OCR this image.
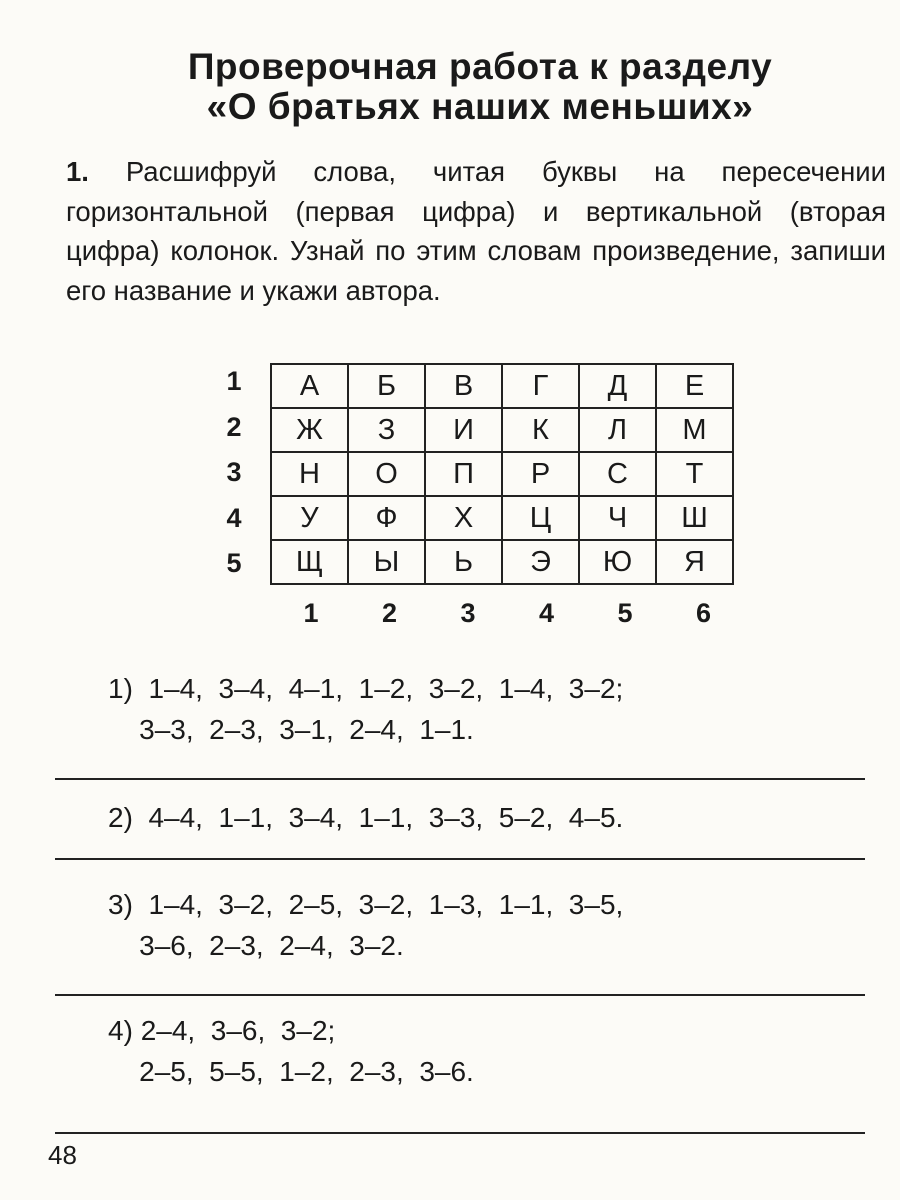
Проверочная работа к разделу
«О братьях наших меньших»
1. Расшифруй слова, читая буквы на пересечении горизонтальной (первая цифра) и вертикальной (вторая цифра) колонок. Узнай по этим словам произведение, запиши его название и укажи автора.
1
2
3
4
5
А	Б	В	Г	Д	Е
Ж	З	И	К	Л	М
Н	О	П	Р	С	Т
У	Ф	Х	Ц	Ч	Ш
Щ	Ы	Ь	Э	Ю	Я
1 2 3 4 5 6
1) 1–4,  3–4,  4–1,  1–2,  3–2,  1–4,  3–2;
3–3,  2–3,  3–1,  2–4,  1–1.
2) 4–4,  1–1,  3–4,  1–1,  3–3,  5–2,  4–5.
3) 1–4,  3–2,  2–5,  3–2,  1–3,  1–1,  3–5,
3–6,  2–3,  2–4,  3–2.
4) 2–4,  3–6,  3–2;
2–5,  5–5,  1–2,  2–3,  3–6.
48
